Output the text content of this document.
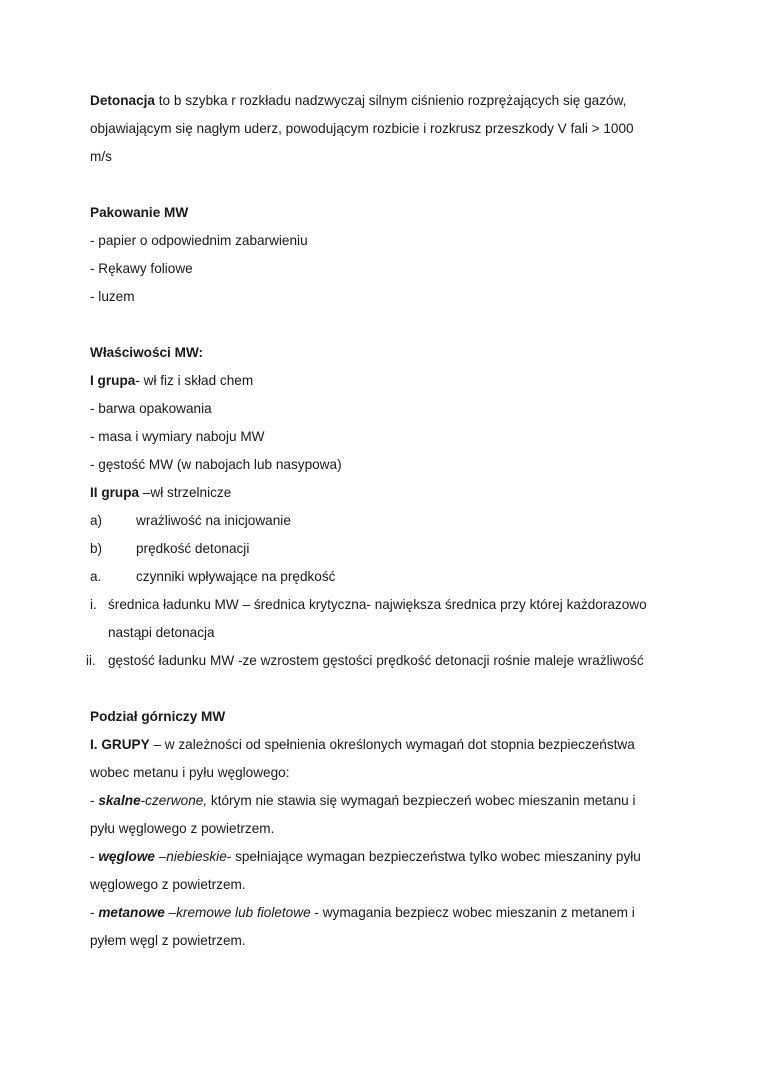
Detonacja to b szybka r rozkładu nadzwyczaj silnym ciśnienio rozprężających się gazów,
objawiającym się nagłym uderz, powodującym rozbicie i rozkrusz przeszkody V fali > 1000
m/s
Pakowanie MW
- papier o odpowiednim zabarwieniu
- Rękawy foliowe
- luzem
Właściwości MW:
I grupa- wł fiz i skład chem
- barwa opakowania
- masa i wymiary naboju MW
- gęstość MW (w nabojach lub nasypowa)
II grupa –wł strzelnicze
a) wrażliwość na inicjowanie
b) prędkość detonacji
a.	czynniki wpływające na prędkość
i. średnica ładunku MW – średnica krytyczna- największa średnica przy której każdorazowo
nastąpi detonacja
ii. gęstość ładunku MW -ze wzrostem gęstości prędkość detonacji rośnie maleje wrażliwość
Podział górniczy MW
I. GRUPY – w zależności od spełnienia określonych wymagań dot stopnia bezpieczeństwa
wobec metanu i pyłu węglowego:
- skalne-czerwone, którym nie stawia się wymagań bezpieczeń wobec mieszanin metanu i
pyłu węglowego z powietrzem.
- węglowe –niebieskie- spełniające wymagan bezpieczeństwa tylko wobec mieszaniny pyłu
węglowego z powietrzem.
- metanowe –kremowe lub fioletowe - wymagania bezpiecz wobec mieszanin z metanem i
pyłem węgl z powietrzem.
